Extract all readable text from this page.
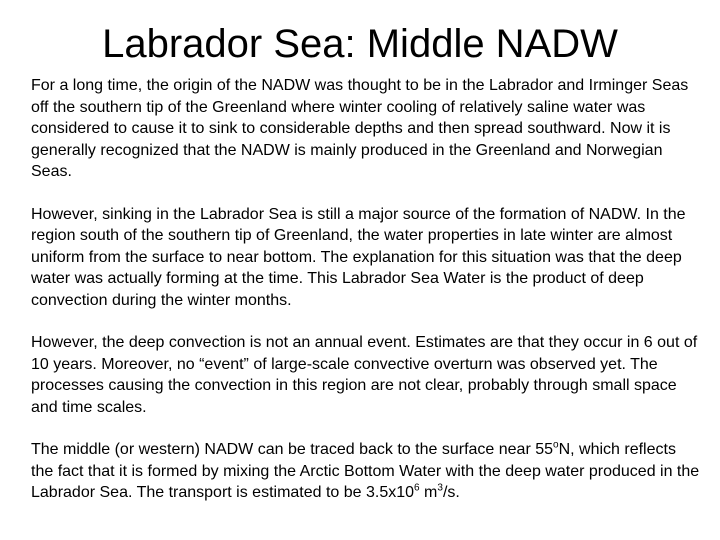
Labrador Sea: Middle NADW

For a long time, the origin of the NADW was thought to be in the Labrador and Irminger Seas off the southern tip of the Greenland where winter cooling of relatively saline water was considered to cause it to sink to considerable depths and then spread southward. Now it is generally recognized that the NADW is mainly produced in the Greenland and Norwegian Seas.

However, sinking in the Labrador Sea is still a major source of the formation of NADW. In the region south of the southern tip of Greenland, the water properties in late winter are almost uniform from the surface to near bottom. The explanation for this situation was that the deep water was actually forming at the time. This Labrador Sea Water is the product of deep convection during the winter months.

However, the deep convection is not an annual event. Estimates are that they occur in 6 out of 10 years. Moreover, no “event” of large-scale convective overturn was observed yet. The processes causing the convection in this region are not clear, probably through small space and time scales.

The middle (or western) NADW can be traced back to the surface near 55$^o$N, which reflects the fact that it is formed by mixing the Arctic Bottom Water with the deep water produced in the Labrador Sea. The transport is estimated to be $3.5x10^6$ $m^3/s$.
